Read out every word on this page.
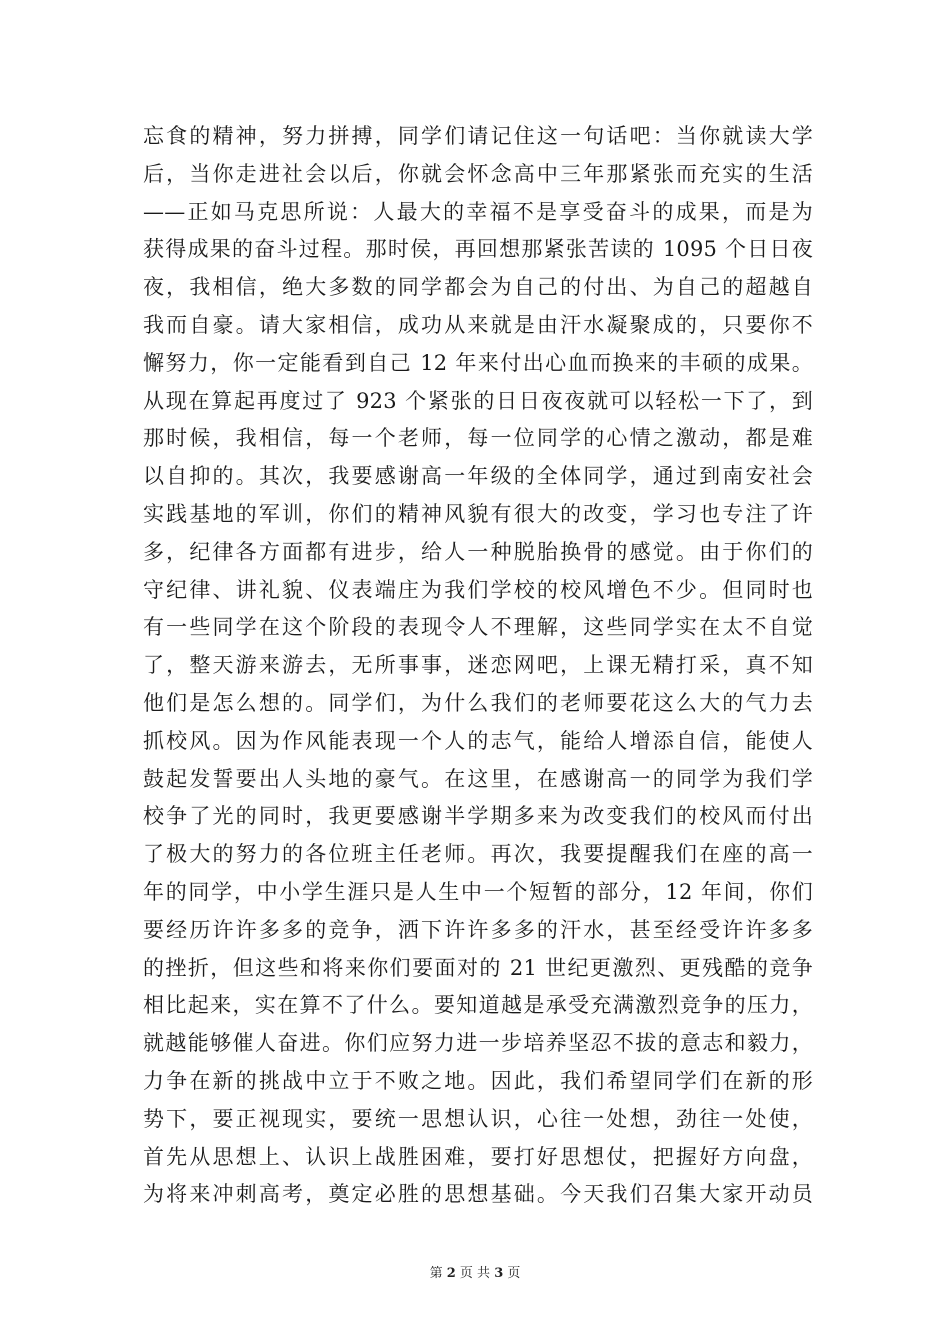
忘食的精神，努力拼搏，同学们请记住这一句话吧：当你就读大学
后，当你走进社会以后，你就会怀念高中三年那紧张而充实的生活
——正如马克思所说：人最大的幸福不是享受奋斗的成果，而是为
获得成果的奋斗过程。那时侯，再回想那紧张苦读的 1095 个日日夜
夜，我相信，绝大多数的同学都会为自己的付出、为自己的超越自
我而自豪。请大家相信，成功从来就是由汗水凝聚成的，只要你不
懈努力，你一定能看到自己 12 年来付出心血而换来的丰硕的成果。
从现在算起再度过了 923 个紧张的日日夜夜就可以轻松一下了，到
那时候，我相信，每一个老师，每一位同学的心情之激动，都是难
以自抑的。其次，我要感谢高一年级的全体同学，通过到南安社会
实践基地的军训，你们的精神风貌有很大的改变，学习也专注了许
多，纪律各方面都有进步，给人一种脱胎换骨的感觉。由于你们的
守纪律、讲礼貌、仪表端庄为我们学校的校风增色不少。但同时也
有一些同学在这个阶段的表现令人不理解，这些同学实在太不自觉
了，整天游来游去，无所事事，迷恋网吧，上课无精打采，真不知
他们是怎么想的。同学们，为什么我们的老师要花这么大的气力去
抓校风。因为作风能表现一个人的志气，能给人增添自信，能使人
鼓起发誓要出人头地的豪气。在这里，在感谢高一的同学为我们学
校争了光的同时，我更要感谢半学期多来为改变我们的校风而付出
了极大的努力的各位班主任老师。再次，我要提醒我们在座的高一
年的同学，中小学生涯只是人生中一个短暂的部分，12 年间，你们
要经历许许多多的竞争，洒下许许多多的汗水，甚至经受许许多多
的挫折，但这些和将来你们要面对的 21 世纪更激烈、更残酷的竞争
相比起来，实在算不了什么。要知道越是承受充满激烈竞争的压力，
就越能够催人奋进。你们应努力进一步培养坚忍不拔的意志和毅力，
力争在新的挑战中立于不败之地。因此，我们希望同学们在新的形
势下，要正视现实，要统一思想认识，心往一处想，劲往一处使，
首先从思想上、认识上战胜困难，要打好思想仗，把握好方向盘，
为将来冲刺高考，奠定必胜的思想基础。今天我们召集大家开动员
第 2 页 共 3 页
